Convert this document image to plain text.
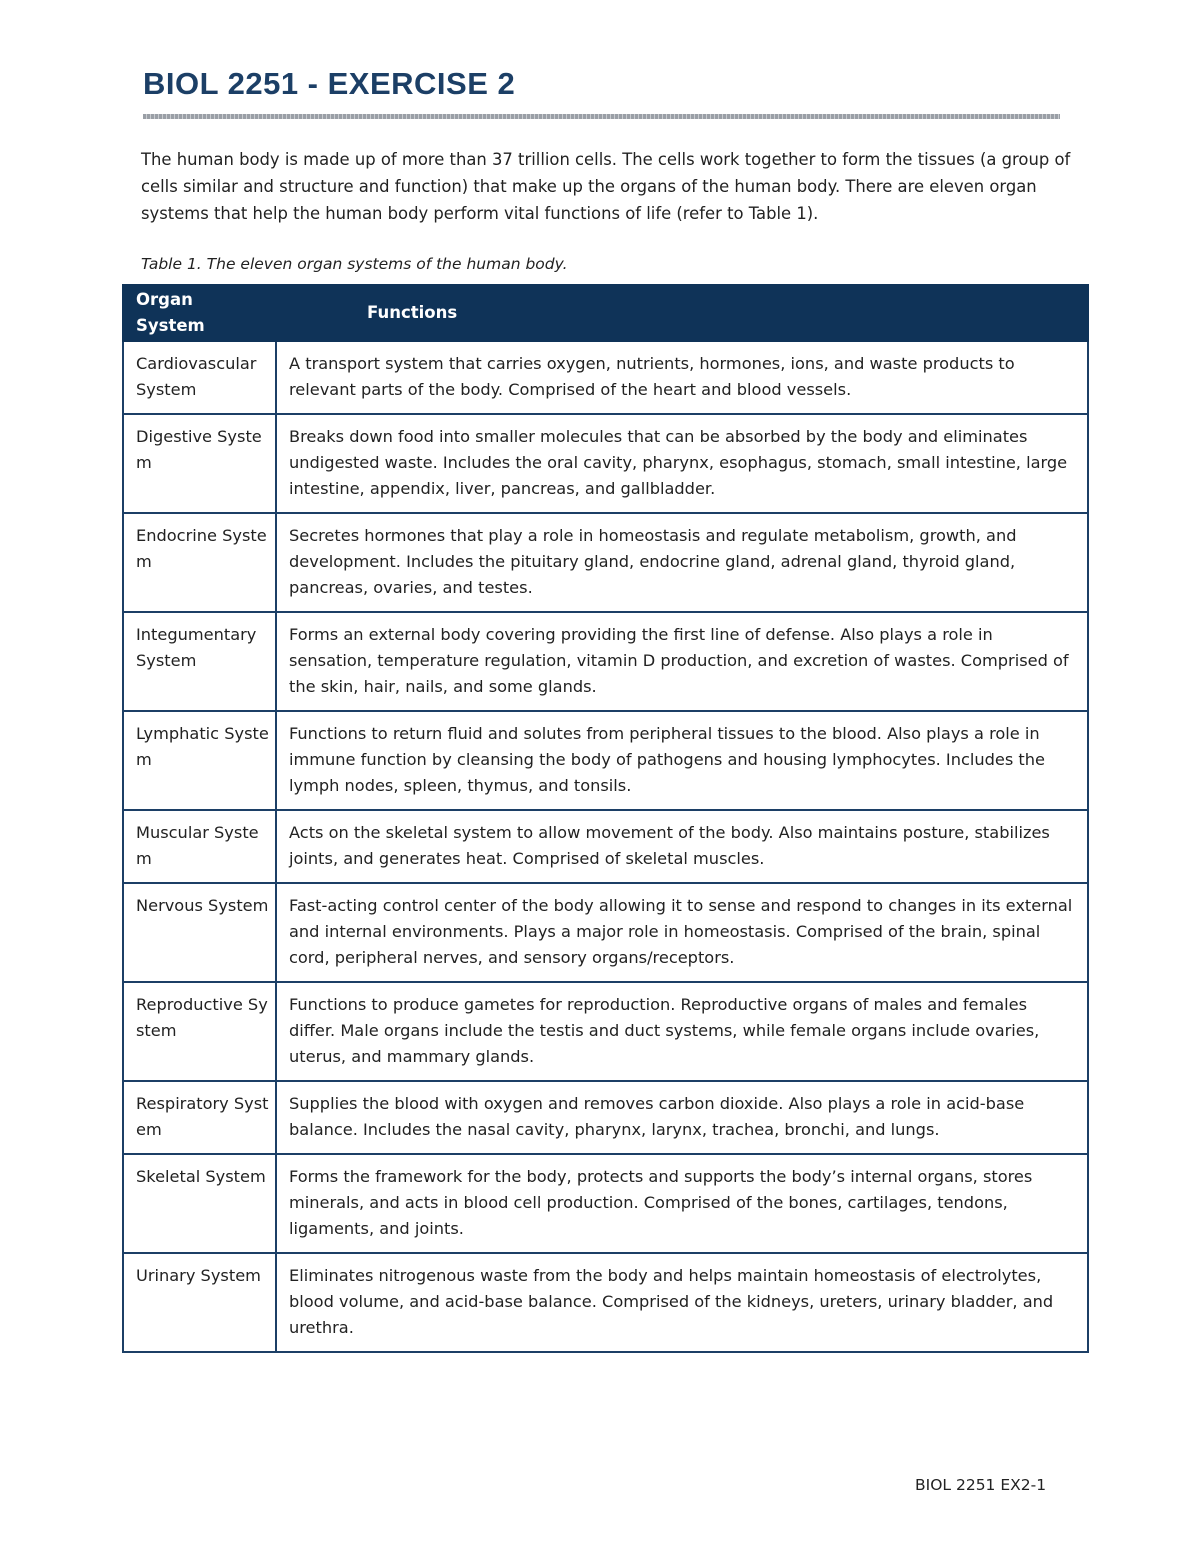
BIOL 2251 - EXERCISE 2

The human body is made up of more than 37 trillion cells. The cells work together to form the tissues (a group of cells similar and structure and function) that make up the organs of the human body. There are eleven organ systems that help the human body perform vital functions of life (refer to Table 1).

Table 1. The eleven organ systems of the human body.

Organ System	Functions
Cardiovascular System	A transport system that carries oxygen, nutrients, hormones, ions, and waste products to relevant parts of the body. Comprised of the heart and blood vessels.
Digestive System	Breaks down food into smaller molecules that can be absorbed by the body and eliminates undigested waste. Includes the oral cavity, pharynx, esophagus, stomach, small intestine, large intestine, appendix, liver, pancreas, and gallbladder.
Endocrine System	Secretes hormones that play a role in homeostasis and regulate metabolism, growth, and development. Includes the pituitary gland, endocrine gland, adrenal gland, thyroid gland, pancreas, ovaries, and testes.
Integumentary System	Forms an external body covering providing the first line of defense. Also plays a role in sensation, temperature regulation, vitamin D production, and excretion of wastes. Comprised of the skin, hair, nails, and some glands.
Lymphatic System	Functions to return fluid and solutes from peripheral tissues to the blood. Also plays a role in immune function by cleansing the body of pathogens and housing lymphocytes. Includes the lymph nodes, spleen, thymus, and tonsils.
Muscular System	Acts on the skeletal system to allow movement of the body. Also maintains posture, stabilizes joints, and generates heat. Comprised of skeletal muscles.
Nervous System	Fast-acting control center of the body allowing it to sense and respond to changes in its external and internal environments. Plays a major role in homeostasis. Comprised of the brain, spinal cord, peripheral nerves, and sensory organs/receptors.
Reproductive System	Functions to produce gametes for reproduction. Reproductive organs of males and females differ. Male organs include the testis and duct systems, while female organs include ovaries, uterus, and mammary glands.
Respiratory System	Supplies the blood with oxygen and removes carbon dioxide. Also plays a role in acid-base balance. Includes the nasal cavity, pharynx, larynx, trachea, bronchi, and lungs.
Skeletal System	Forms the framework for the body, protects and supports the body’s internal organs, stores minerals, and acts in blood cell production. Comprised of the bones, cartilages, tendons, ligaments, and joints.
Urinary System	Eliminates nitrogenous waste from the body and helps maintain homeostasis of electrolytes, blood volume, and acid-base balance. Comprised of the kidneys, ureters, urinary bladder, and urethra.

BIOL 2251 EX2-1
